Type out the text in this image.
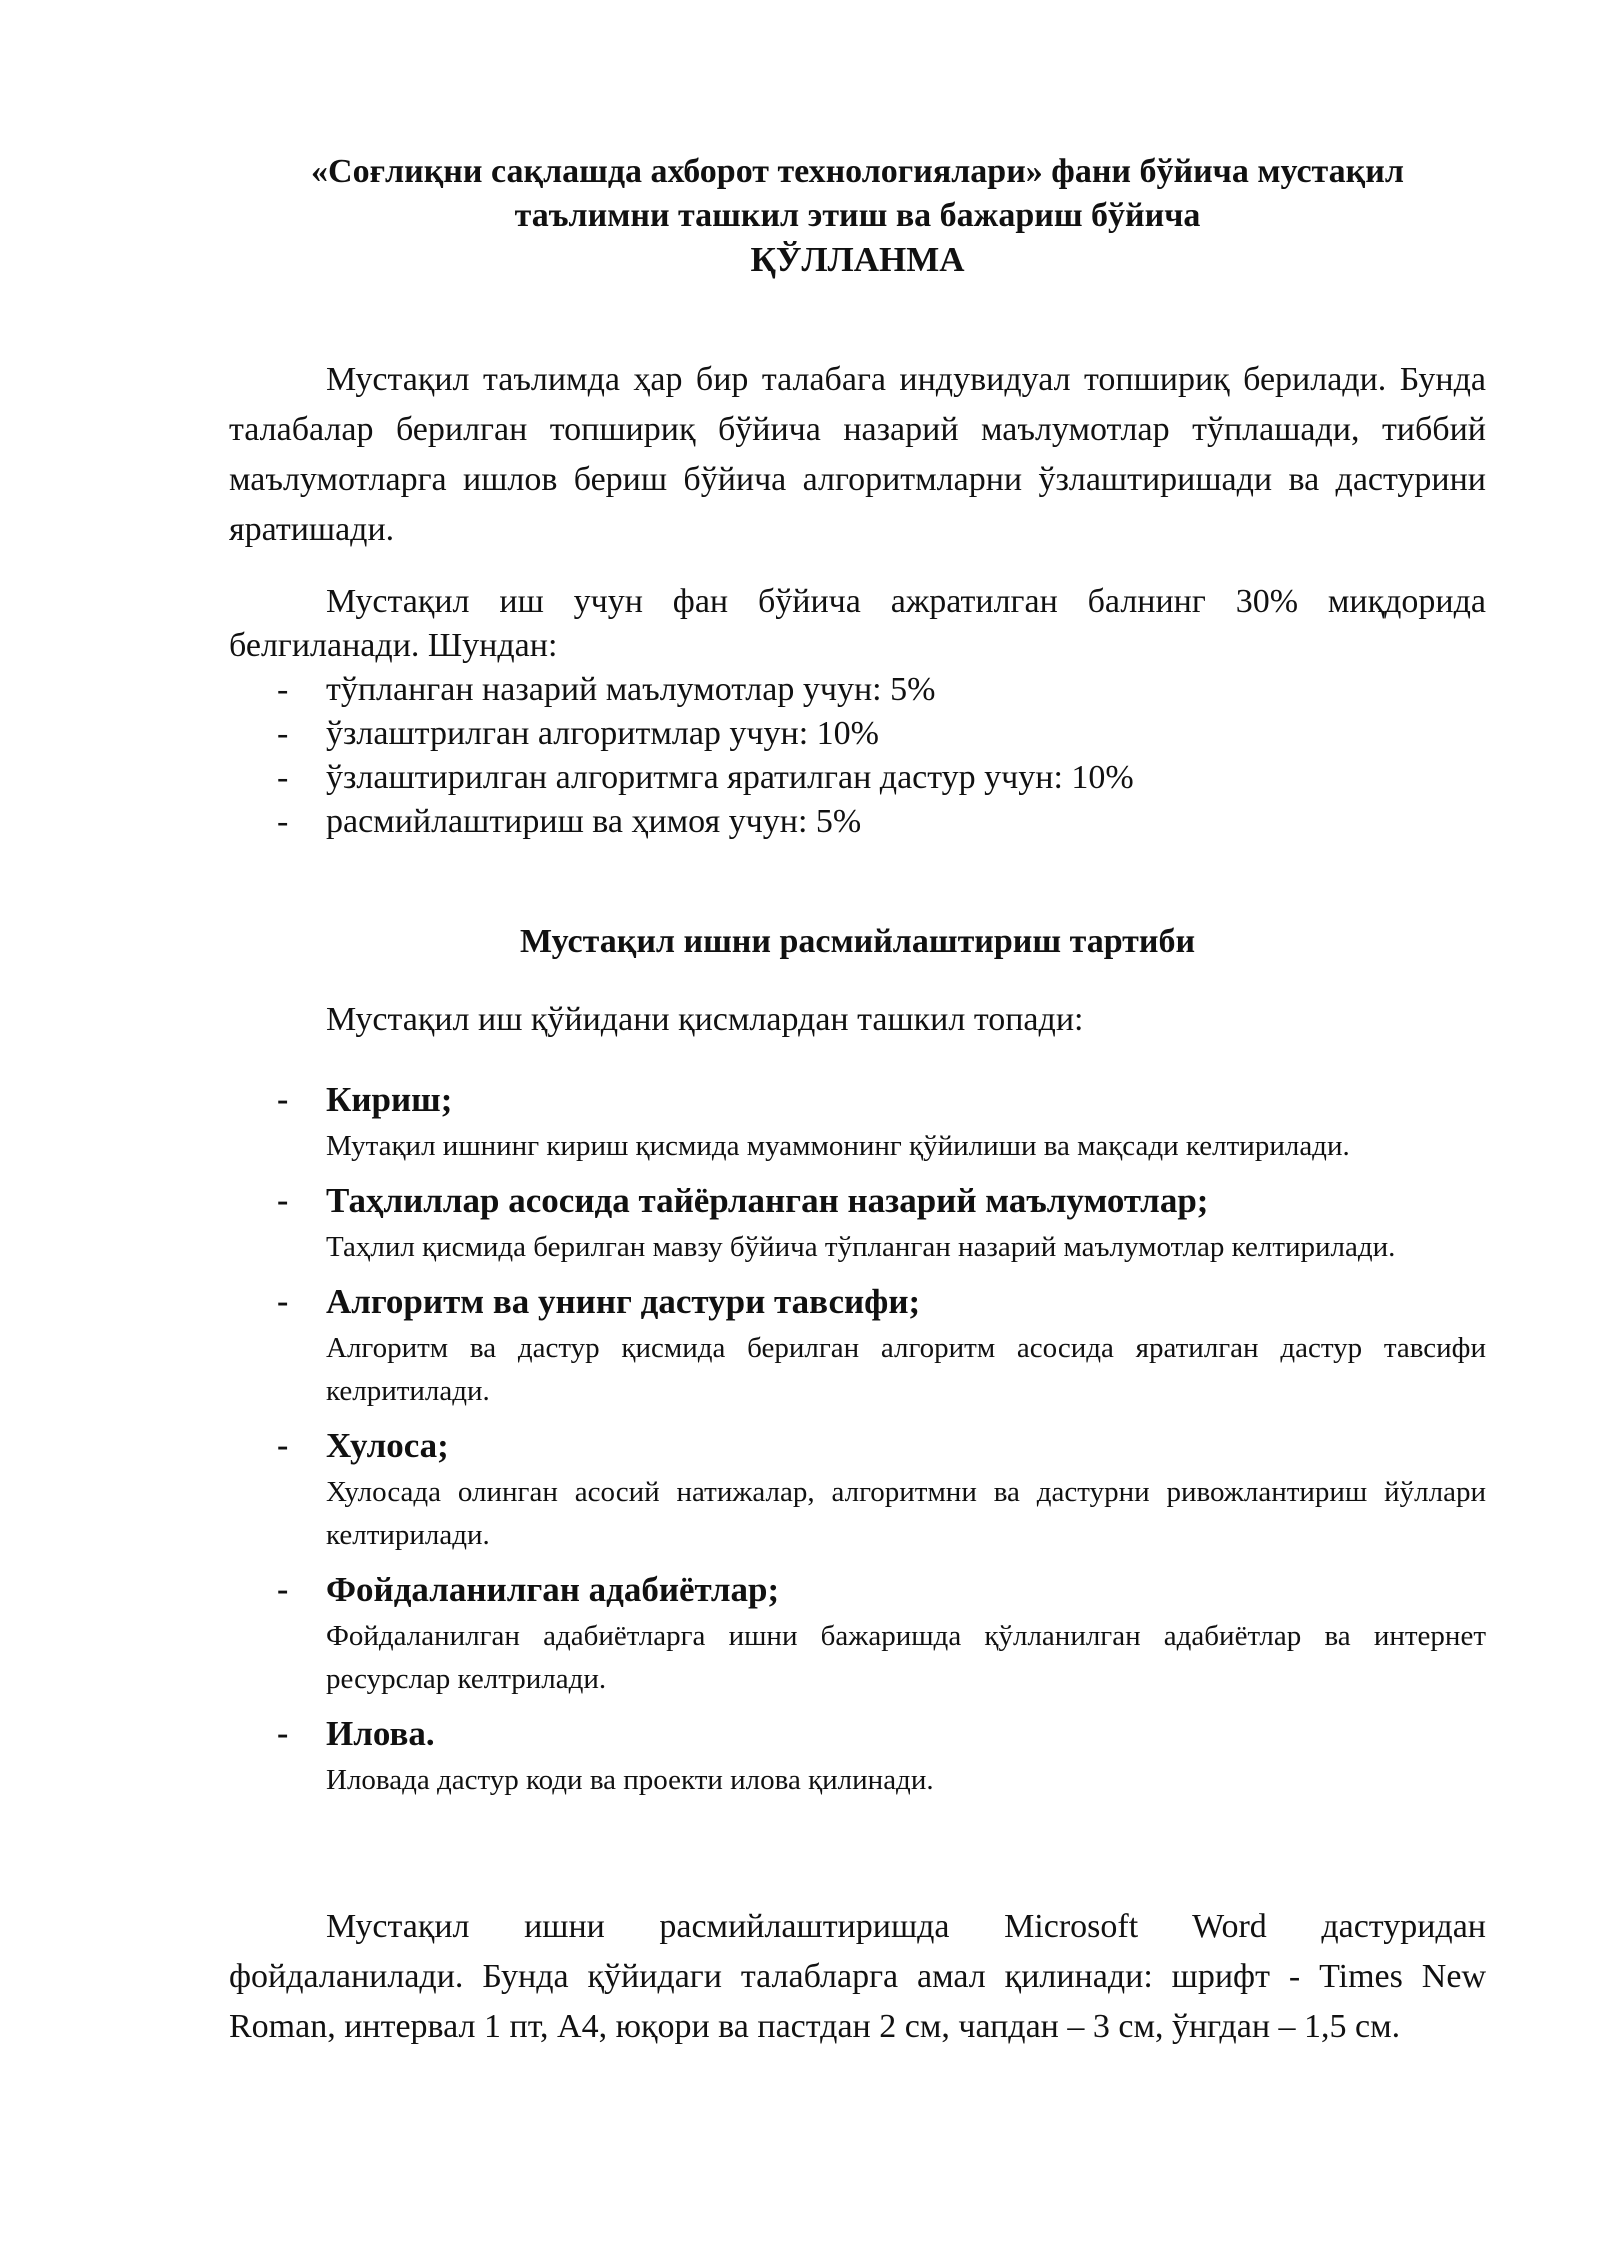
«Соғлиқни сақлашда ахборот технологиялари» фани бўйича мустақил
таълимни ташкил этиш ва бажариш бўйича
ҚЎЛЛАНМА

Мустақил таълимда ҳар бир талабага индувидуал топшириқ берилади. Бунда талабалар берилган топшириқ бўйича назарий маълумотлар тўплашади, тиббий маълумотларга ишлов бериш бўйича алгоритмларни ўзлаштиришади ва дастурини яратишади.

Мустақил иш учун фан бўйича ажратилган балнинг 30% миқдорида белгиланади. Шундан:

- тўпланган назарий маълумотлар учун: 5%
- ўзлаштрилган алгоритмлар учун: 10%
- ўзлаштирилган алгоритмга яратилган дастур учун: 10%
- расмийлаштириш ва ҳимоя учун: 5%
Мустақил ишни расмийлаштириш тартиби

Мустақил иш қўйидани қисмлардан ташкил топади:

- Кириш;
Мутақил ишнинг кириш қисмида муаммонинг қўйилиши ва мақсади келтирилади.
- Таҳлиллар асосида тайёрланган назарий маълумотлар;
Таҳлил қисмида берилган мавзу бўйича тўпланган назарий маълумотлар келтирилади.
- Алгоритм ва унинг дастури тавсифи;
Алгоритм ва дастур қисмида берилган алгоритм асосида яратилган дастур тавсифи келритилади.
- Хулоса;
Хулосада олинган асосий натижалар, алгоритмни ва дастурни ривожлантириш йўллари келтирилади.
- Фойдаланилган адабиётлар;
Фойдаланилган адабиётларга ишни бажаришда қўлланилган адабиётлар ва интернет ресурслар келтрилади.
- Илова.
Иловада дастур коди ва проекти илова қилинади.

Мустақил ишни расмийлаштиришда Microsoft Word дастуридан фойдаланилади. Бунда қўйидаги талабларга амал қилинади: шрифт - Times New Roman, интервал 1 пт, А4, юқори ва пастдан 2 см, чапдан – 3 см, ўнгдан – 1,5 см.
